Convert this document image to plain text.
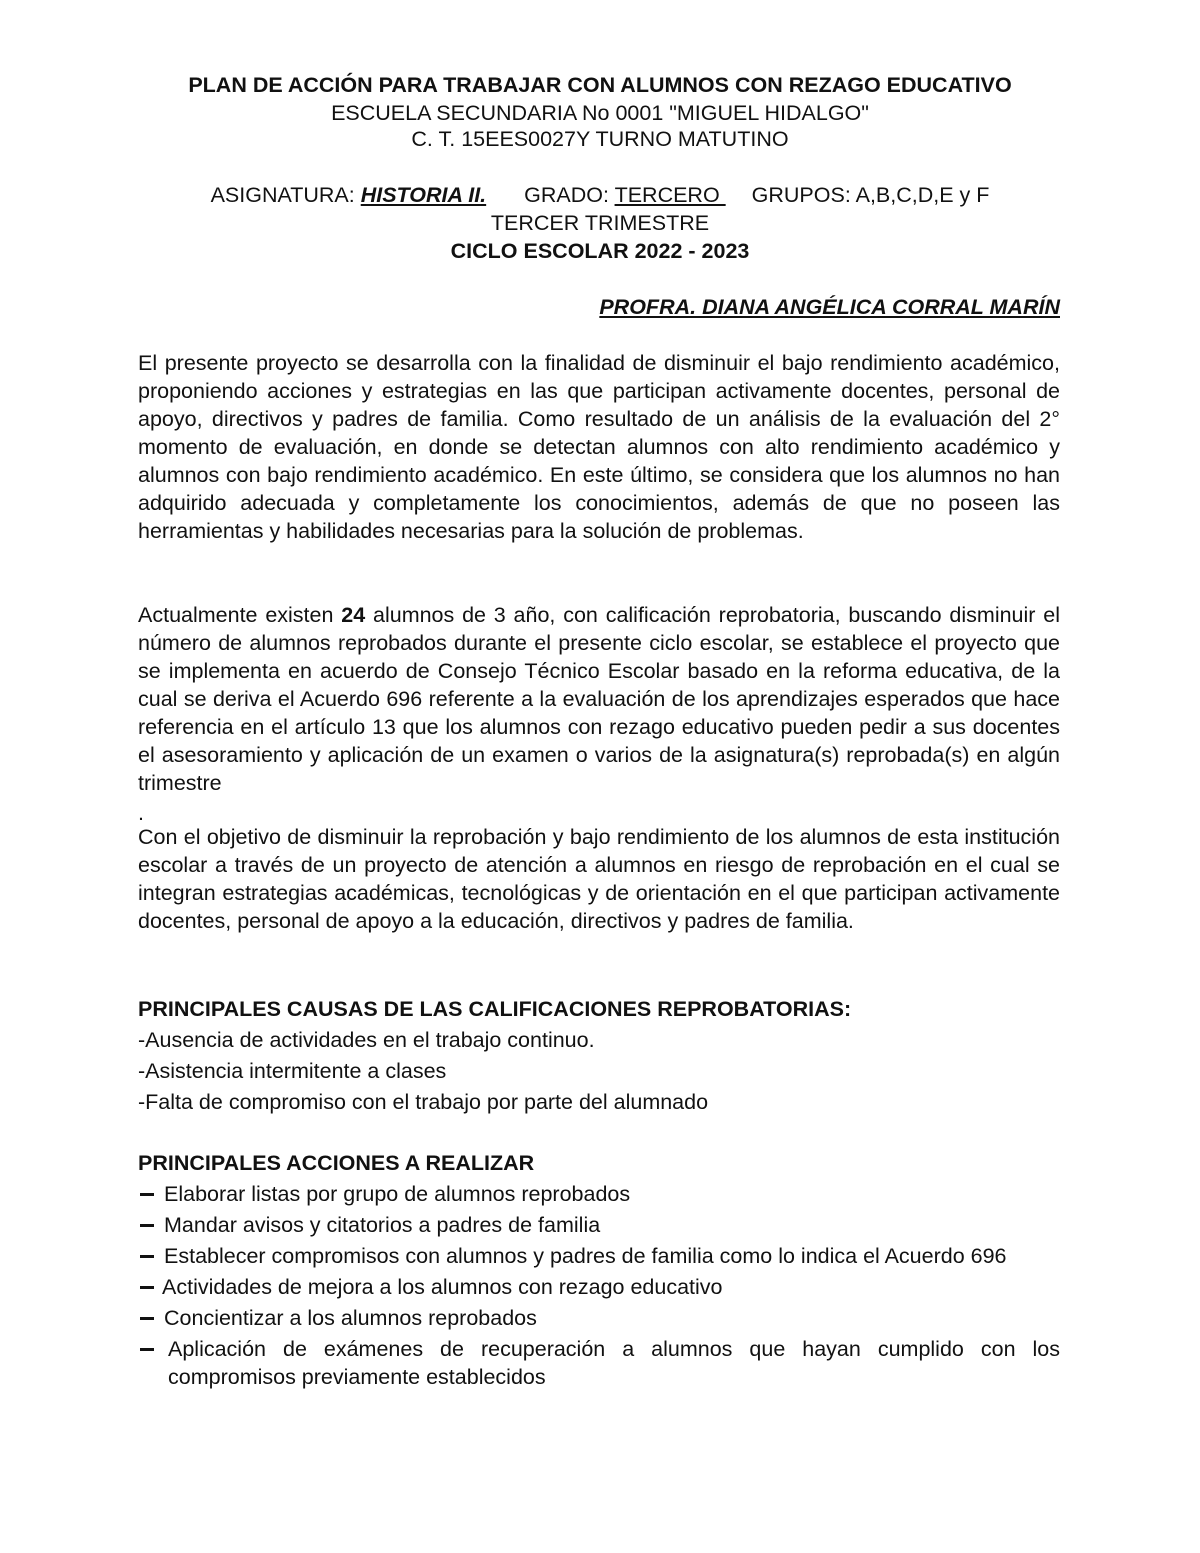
PLAN DE ACCIÓN PARA TRABAJAR CON ALUMNOS CON REZAGO EDUCATIVO
ESCUELA SECUNDARIA No 0001 "MIGUEL HIDALGO"
C. T. 15EES0027Y TURNO MATUTINO
ASIGNATURA: HISTORIA II. GRADO: TERCERO GRUPOS: A,B,C,D,E y F
TERCER TRIMESTRE
CICLO ESCOLAR 2022 - 2023
PROFRA. DIANA ANGÉLICA CORRAL MARÍN

El presente proyecto se desarrolla con la finalidad de disminuir el bajo rendimiento académico, proponiendo acciones y estrategias en las que participan activamente docentes, personal de apoyo, directivos y padres de familia. Como resultado de un análisis de la evaluación del 2° momento de evaluación, en donde se detectan alumnos con alto rendimiento académico y alumnos con bajo rendimiento académico. En este último, se considera que los alumnos no han adquirido adecuada y completamente los conocimientos, además de que no poseen las herramientas y habilidades necesarias para la solución de problemas.

Actualmente existen 24 alumnos de 3 año, con calificación reprobatoria, buscando disminuir el número de alumnos reprobados durante el presente ciclo escolar, se establece el proyecto que se implementa en acuerdo de Consejo Técnico Escolar basado en la reforma educativa, de la cual se deriva el Acuerdo 696 referente a la evaluación de los aprendizajes esperados que hace referencia en el artículo 13 que los alumnos con rezago educativo pueden pedir a sus docentes el asesoramiento y aplicación de un examen o varios de la asignatura(s) reprobada(s) en algún trimestre

.

Con el objetivo de disminuir la reprobación y bajo rendimiento de los alumnos de esta institución escolar a través de un proyecto de atención a alumnos en riesgo de reprobación en el cual se integran estrategias académicas, tecnológicas y de orientación en el que participan activamente docentes, personal de apoyo a la educación, directivos y padres de familia.

PRINCIPALES CAUSAS DE LAS CALIFICACIONES REPROBATORIAS:
-Ausencia de actividades en el trabajo continuo.
-Asistencia intermitente a clases
-Falta de compromiso con el trabajo por parte del alumnado
PRINCIPALES ACCIONES A REALIZAR
Elaborar listas por grupo de alumnos reprobados
Mandar avisos y citatorios a padres de familia
Establecer compromisos con alumnos y padres de familia como lo indica el Acuerdo 696
Actividades de mejora a los alumnos con rezago educativo
Concientizar a los alumnos reprobados
Aplicación de exámenes de recuperación a alumnos que hayan cumplido con los compromisos previamente establecidos
